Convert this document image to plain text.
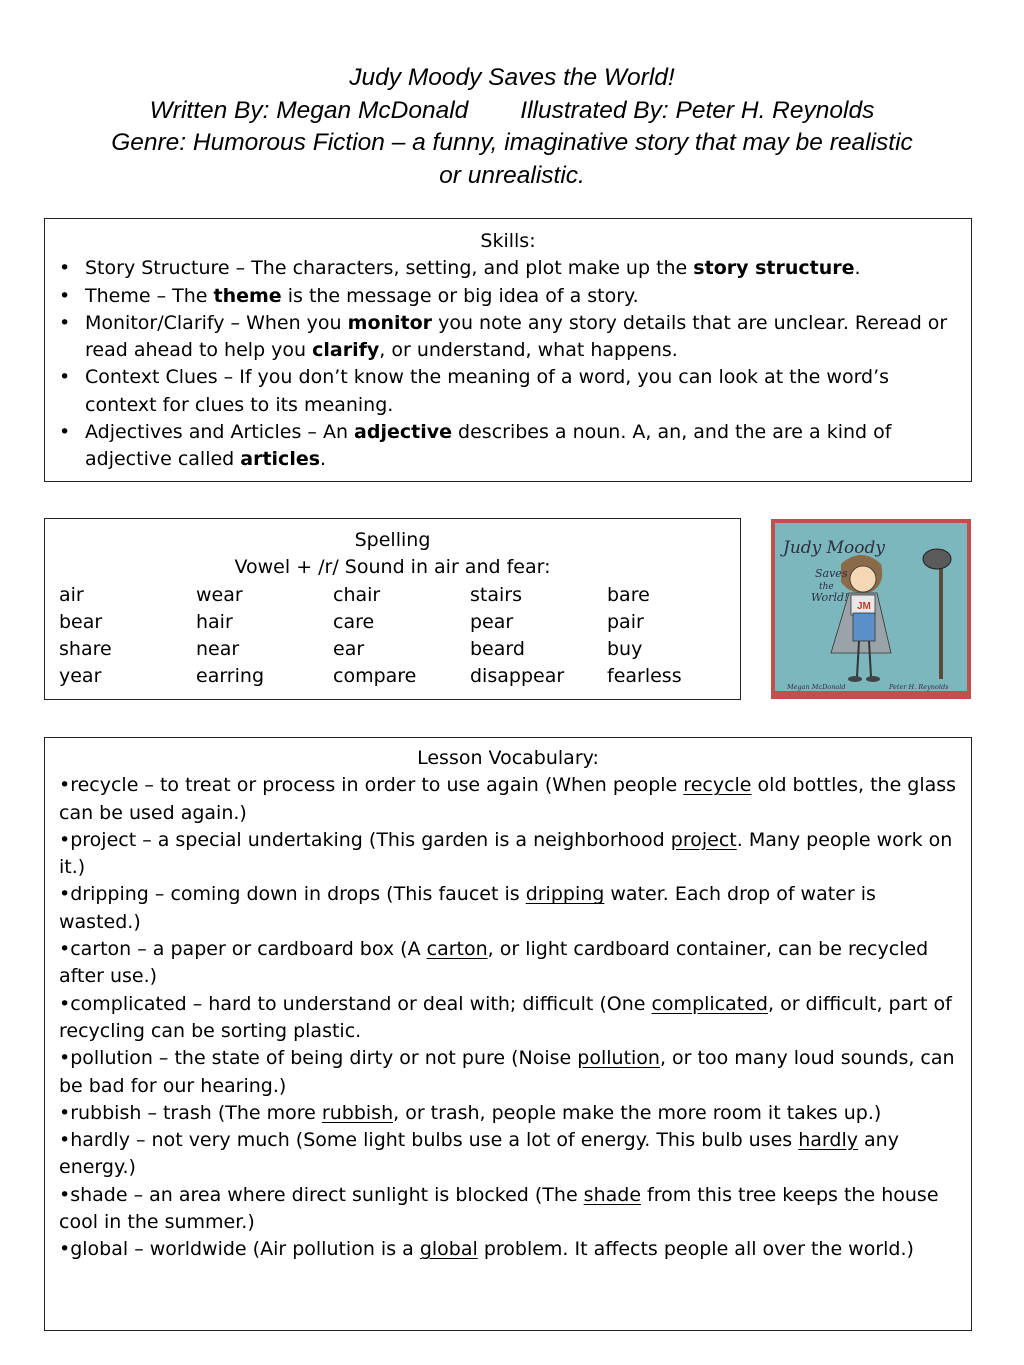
Judy Moody Saves the World!
Written By: Megan McDonald Illustrated By: Peter H. Reynolds
Genre: Humorous Fiction – a funny, imaginative story that may be realistic
or unrealistic.
Skills:
• Story Structure – The characters, setting, and plot make up the story structure.
• Theme – The theme is the message or big idea of a story.
• Monitor/Clarify – When you monitor you note any story details that are unclear. Reread or read ahead to help you clarify, or understand, what happens.
• Context Clues – If you don’t know the meaning of a word, you can look at the word’s context for clues to its meaning.
• Adjectives and Articles – An adjective describes a noun. A, an, and the are a kind of adjective called articles.
Spelling
Vowel + /r/ Sound in air and fear:
air	wear	chair	stairs	bare
bear	hair	care	pear	pair
share	near	ear	beard	buy
year	earring	compare	disappear	fearless
JM
Judy Moody
Saves
the
World!
Megan McDonald	Peter H. Reynolds
Lesson Vocabulary:

•recycle – to treat or process in order to use again (When people recycle old bottles, the glass can be used again.)

•project – a special undertaking (This garden is a neighborhood project. Many people work on it.)

•dripping – coming down in drops (This faucet is dripping water. Each drop of water is wasted.)

•carton – a paper or cardboard box (A carton, or light cardboard container, can be recycled after use.)

•complicated – hard to understand or deal with; difficult (One complicated, or difficult, part of recycling can be sorting plastic.

•pollution – the state of being dirty or not pure (Noise pollution, or too many loud sounds, can be bad for our hearing.)

•rubbish – trash (The more rubbish, or trash, people make the more room it takes up.)

•hardly – not very much (Some light bulbs use a lot of energy. This bulb uses hardly any energy.)

•shade – an area where direct sunlight is blocked (The shade from this tree keeps the house cool in the summer.)

•global – worldwide (Air pollution is a global problem. It affects people all over the world.)
